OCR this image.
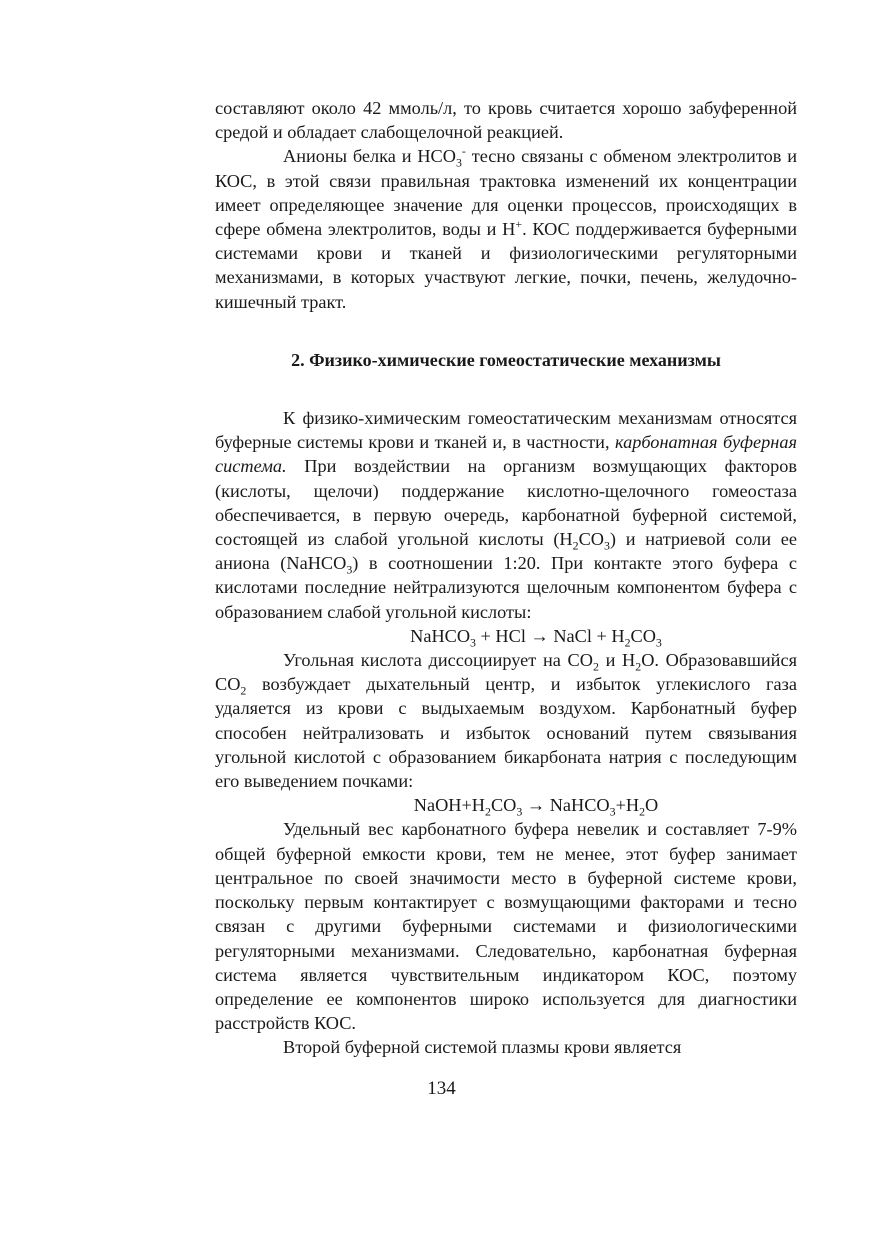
составляют около 42 ммоль/л, то кровь считается хорошо забуференной средой и обладает слабощелочной реакцией.

Анионы белка и $HCO_3^-$ тесно связаны с обменом электролитов и КОС, в этой связи правильная трактовка изменений их концентрации имеет определяющее значение для оценки процессов, происходящих в сфере обмена электролитов, воды и H+. КОС поддерживается буферными системами крови и тканей и физиологическими регуляторными механизмами, в которых участвуют легкие, почки, печень, желудочно-кишечный тракт.

2. Физико-химические гомеостатические механизмы

К физико-химическим гомеостатическим механизмам относятся буферные системы крови и тканей и, в частности, карбонатная буферная система. При воздействии на организм возмущающих факторов (кислоты, щелочи) поддержание кислотно-щелочного гомеостаза обеспечивается, в первую очередь, карбонатной буферной системой, состоящей из слабой угольной кислоты $(H_2CO_3)$ и натриевой соли ее аниона (NaHCO$_3$) в соотношении 1:20. При контакте этого буфера с кислотами последние нейтрализуются щелочным компонентом буфера с образованием слабой угольной кислоты:

NaHCO$_3$ + HCl → NaCl + $H_2CO_3$

Угольная кислота диссоциирует на $CO_2$ и $H_2O$. Образовавшийся $CO_2$ возбуждает дыхательный центр, и избыток углекислого газа удаляется из крови с выдыхаемым воздухом. Карбонатный буфер способен нейтрализовать и избыток оснований путем связывания угольной кислотой с образованием бикарбоната натрия с последующим его выведением почками:

$NaOH+H_2CO_3$ → $NaHCO_3+H_2O$

Удельный вес карбонатного буфера невелик и составляет 7-9% общей буферной емкости крови, тем не менее, этот буфер занимает центральное по своей значимости место в буферной системе крови, поскольку первым контактирует с возмущающими факторами и тесно связан с другими буферными системами и физиологическими регуляторными механизмами. Следовательно, карбонатная буферная система является чувствительным индикатором КОС, поэтому определение ее компонентов широко используется для диагностики расстройств КОС.

Второй буферной системой плазмы крови является

134
